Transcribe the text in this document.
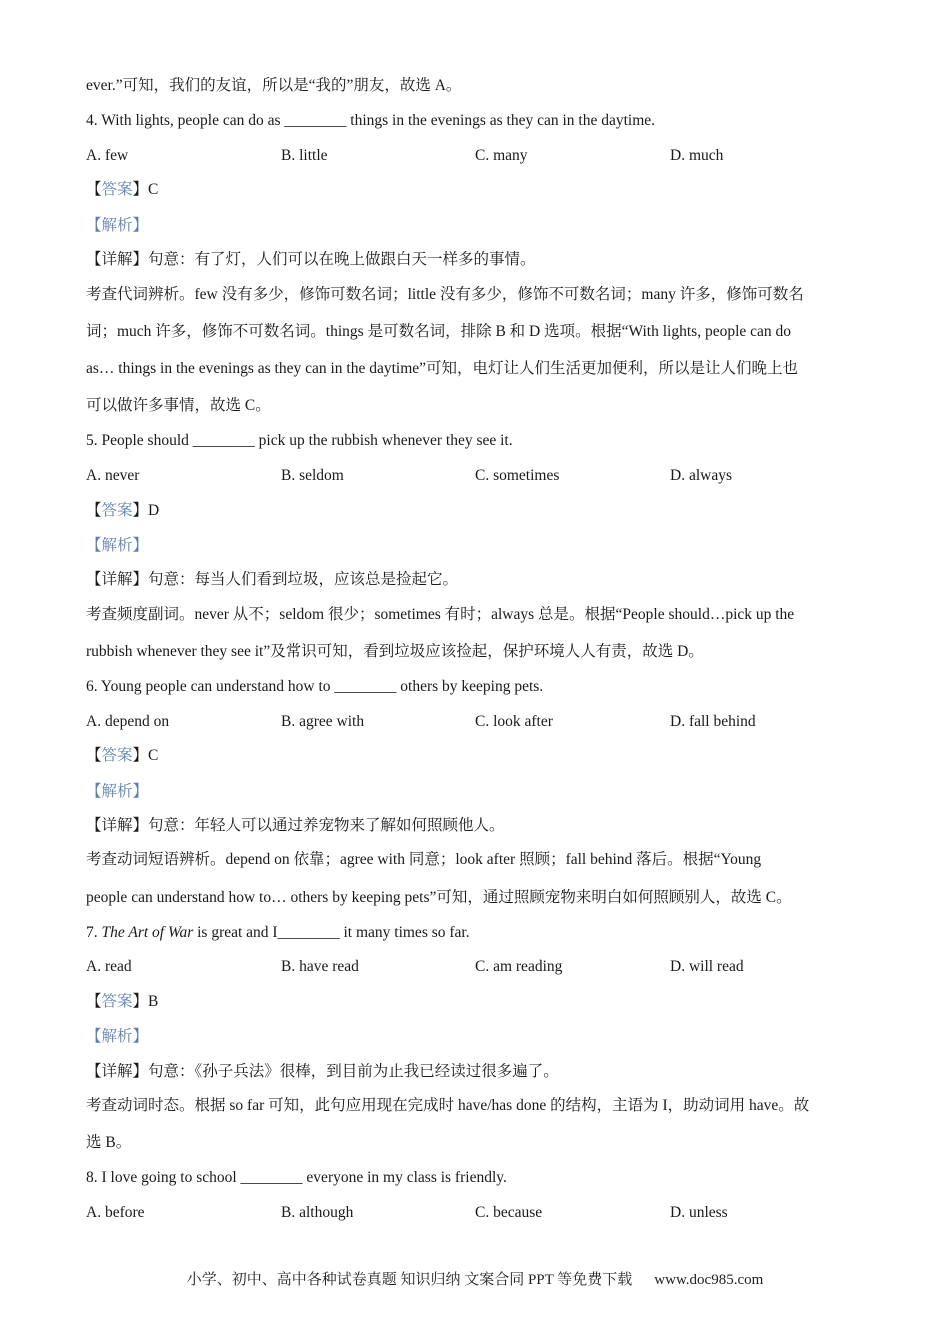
ever.”可知，我们的友谊，所以是“我的”朋友，故选 A。
4. With lights, people can do as ________ things in the evenings as they can in the daytime.
A. few	B. little	C. many	D. much
【答案】C
【解析】
【详解】句意：有了灯，人们可以在晚上做跟白天一样多的事情。
考查代词辨析。few 没有多少，修饰可数名词；little 没有多少，修饰不可数名词；many 许多，修饰可数名
词；much 许多，修饰不可数名词。things 是可数名词，排除 B 和 D 选项。根据“With lights, people can do
as… things in the evenings as they can in the daytime”可知，电灯让人们生活更加便利，所以是让人们晚上也
可以做许多事情，故选 C。
5. People should ________ pick up the rubbish whenever they see it.
A. never	B. seldom	C. sometimes	D. always
【答案】D
【解析】
【详解】句意：每当人们看到垃圾，应该总是捡起它。
考查频度副词。never 从不；seldom 很少；sometimes 有时；always 总是。根据“People should…pick up the
rubbish whenever they see it”及常识可知，看到垃圾应该捡起，保护环境人人有责，故选 D。
6. Young people can understand how to ________ others by keeping pets.
A. depend on	B. agree with	C. look after	D. fall behind
【答案】C
【解析】
【详解】句意：年轻人可以通过养宠物来了解如何照顾他人。
考查动词短语辨析。depend on 依靠；agree with 同意；look after 照顾；fall behind 落后。根据“Young
people can understand how to… others by keeping pets”可知，通过照顾宠物来明白如何照顾别人，故选 C。
7. The Art of War is great and I________ it many times so far.
A. read	B. have read	C. am reading	D. will read
【答案】B
【解析】
【详解】句意：《孙子兵法》很棒，到目前为止我已经读过很多遍了。
考查动词时态。根据 so far 可知，此句应用现在完成时 have/has done 的结构，主语为 I，助动词用 have。故
选 B。
8. I love going to school ________ everyone in my class is friendly.
A. before	B. although	C. because	D. unless
小学、初中、高中各种试卷真题 知识归纳 文案合同 PPT 等免费下载 www.doc985.com
